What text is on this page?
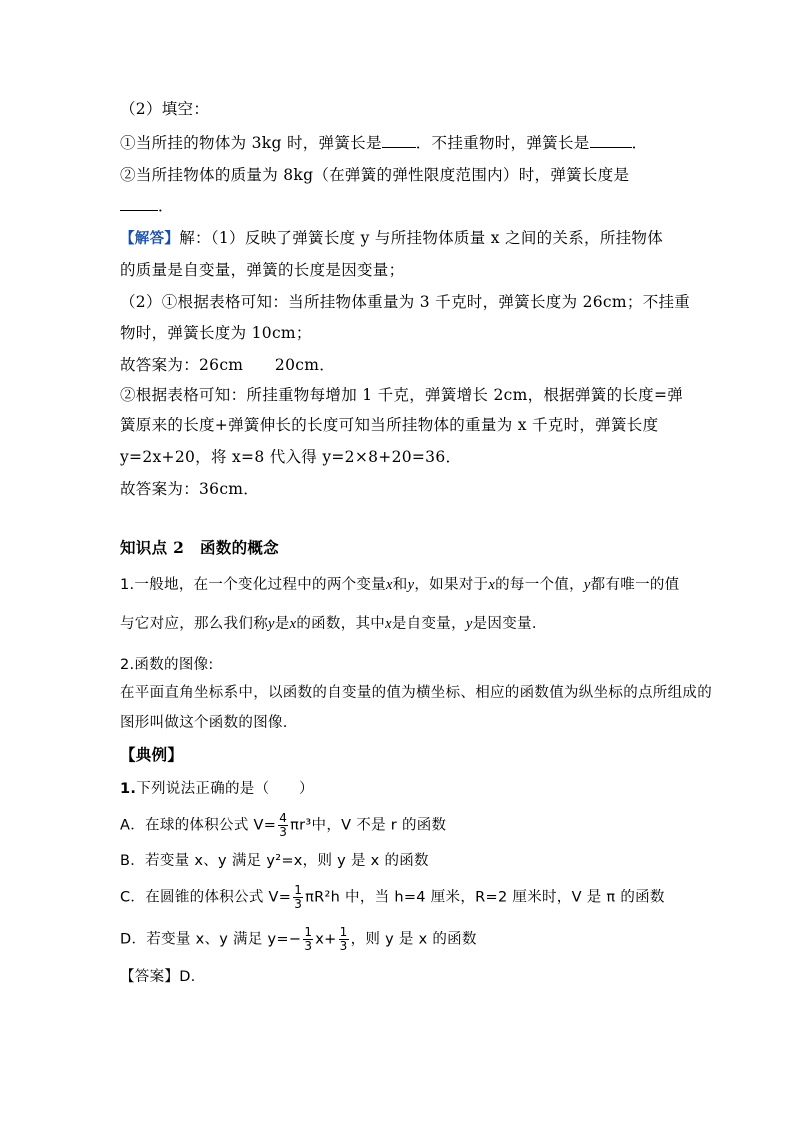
（2）填空：
①当所挂的物体为 3kg 时，弹簧长是 ．不挂重物时，弹簧长是	．
②当所挂物体的质量为 8kg（在弹簧的弹性限度范围内）时，弹簧长度是
．
【解答】解：（1）反映了弹簧长度 y 与所挂物体质量 x 之间的关系，所挂物体
的质量是自变量，弹簧的长度是因变量；
（2）①根据表格可知：当所挂物体重量为 3 千克时，弹簧长度为 26cm；不挂重
物时，弹簧长度为 10cm；
故答案为：26cm　　20cm．
②根据表格可知：所挂重物每增加 1 千克，弹簧增长 2cm，根据弹簧的长度=弹
簧原来的长度+弹簧伸长的长度可知当所挂物体的重量为 x 千克时，弹簧长度
y=2x+20，将 x=8 代入得 y=2×8+20=36．
故答案为：36cm．
知识点 2　函数的概念
1.一般地，在一个变化过程中的两个变量x和y，如果对于x的每一个值，y都有唯一的值
与它对应，那么我们称y是x的函数，其中x是自变量，y是因变量.
2.函数的图像:
在平面直角坐标系中，以函数的自变量的值为横坐标、相应的函数值为纵坐标的点所组成的
图形叫做这个函数的图像.
【典例】
1.下列说法正确的是（　　）
A．在球的体积公式 $V= \frac{4}{3} \pi r^3$中，V 不是 r 的函数
B．若变量 x、y 满足 y²=x，则 y 是 x 的函数
C．在圆锥的体积公式 $V= \frac{1}{3} \pi R^2h$ 中，当 h=4 厘米，R=2 厘米时，V 是 π 的函数
D．若变量 x、y 满足 $y=- \frac{1}{3} x+ \frac{1}{3}$ ，则 y 是 x 的函数
【答案】D.
